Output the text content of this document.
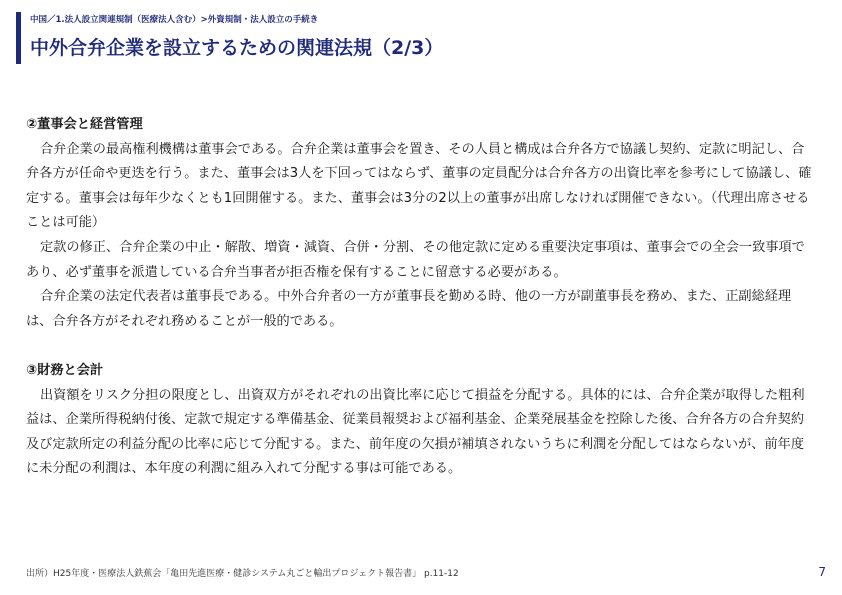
中国／1.法人設立関連規制（医療法人含む）>外資規制・法人設立の手続き
中外合弁企業を設立するための関連法規（2/3）

②董事会と経営管理

合弁企業の最高権利機構は董事会である。合弁企業は董事会を置き、その人員と構成は合弁各方で協議し契約、定款に明記し、合弁各方が任命や更迭を行う。また、董事会は3人を下回ってはならず、董事の定員配分は合弁各方の出資比率を参考にして協議し、確定する。董事会は毎年少なくとも1回開催する。また、董事会は3分の2以上の董事が出席しなければ開催できない。（代理出席させることは可能）

定款の修正、合弁企業の中止・解散、増資・減資、合併・分割、その他定款に定める重要決定事項は、董事会での全会一致事項であり、必ず董事を派遣している合弁当事者が拒否権を保有することに留意する必要がある。

合弁企業の法定代表者は董事長である。中外合弁者の一方が董事長を勤める時、他の一方が副董事長を務め、また、正副総経理は、合弁各方がそれぞれ務めることが一般的である。

③財務と会計

出資額をリスク分担の限度とし、出資双方がそれぞれの出資比率に応じて損益を分配する。具体的には、合弁企業が取得した粗利益は、企業所得税納付後、定款で規定する準備基金、従業員報奨および福利基金、企業発展基金を控除した後、合弁各方の合弁契約及び定款所定の利益分配の比率に応じて分配する。また、前年度の欠損が補填されないうちに利潤を分配してはならないが、前年度に未分配の利潤は、本年度の利潤に組み入れて分配する事は可能である。

出所）H25年度・医療法人鉄蕉会「亀田先進医療・健診システム丸ごと輸出プロジェクト報告書」 p.11-12	7
